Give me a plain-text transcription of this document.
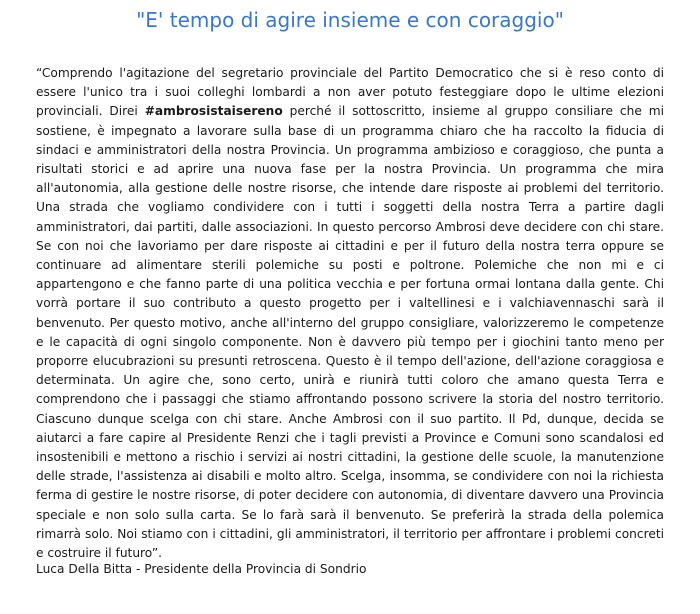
"E' tempo di agire insieme e con coraggio"

“Comprendo l'agitazione del segretario provinciale del Partito Democratico che si è reso conto di essere l'unico tra i suoi colleghi lombardi a non aver potuto festeggiare dopo le ultime elezioni provinciali. Direi #ambrosistaisereno perché il sottoscritto, insieme al gruppo consiliare che mi sostiene, è impegnato a lavorare sulla base di un programma chiaro che ha raccolto la fiducia di sindaci e amministratori della nostra Provincia. Un programma ambizioso e coraggioso, che punta a risultati storici e ad aprire una nuova fase per la nostra Provincia. Un programma che mira all'autonomia, alla gestione delle nostre risorse, che intende dare risposte ai problemi del territorio. Una strada che vogliamo condividere con i tutti i soggetti della nostra Terra a partire dagli amministratori, dai partiti, dalle associazioni. In questo percorso Ambrosi deve decidere con chi stare. Se con noi che lavoriamo per dare risposte ai cittadini e per il futuro della nostra terra oppure se continuare ad alimentare sterili polemiche su posti e poltrone. Polemiche che non mi e ci appartengono e che fanno parte di una politica vecchia e per fortuna ormai lontana dalla gente. Chi vorrà portare il suo contributo a questo progetto per i valtellinesi e i valchiavennaschi sarà il benvenuto. Per questo motivo, anche all'interno del gruppo consigliare, valorizzeremo le competenze e le capacità di ogni singolo componente. Non è davvero più tempo per i giochini tanto meno per proporre elucubrazioni su presunti retroscena. Questo è il tempo dell'azione, dell'azione coraggiosa e determinata. Un agire che, sono certo, unirà e riunirà tutti coloro che amano questa Terra e comprendono che i passaggi che stiamo affrontando possono scrivere la storia del nostro territorio. Ciascuno dunque scelga con chi stare. Anche Ambrosi con il suo partito. Il Pd, dunque, decida se aiutarci a fare capire al Presidente Renzi che i tagli previsti a Province e Comuni sono scandalosi ed insostenibili e mettono a rischio i servizi ai nostri cittadini, la gestione delle scuole, la manutenzione delle strade, l'assistenza ai disabili e molto altro. Scelga, insomma, se condividere con noi la richiesta ferma di gestire le nostre risorse, di poter decidere con autonomia, di diventare davvero una Provincia speciale e non solo sulla carta. Se lo farà sarà il benvenuto. Se preferirà la strada della polemica rimarrà solo. Noi stiamo con i cittadini, gli amministratori, il territorio per affrontare i problemi concreti e costruire il futuro”.

Luca Della Bitta - Presidente della Provincia di Sondrio
